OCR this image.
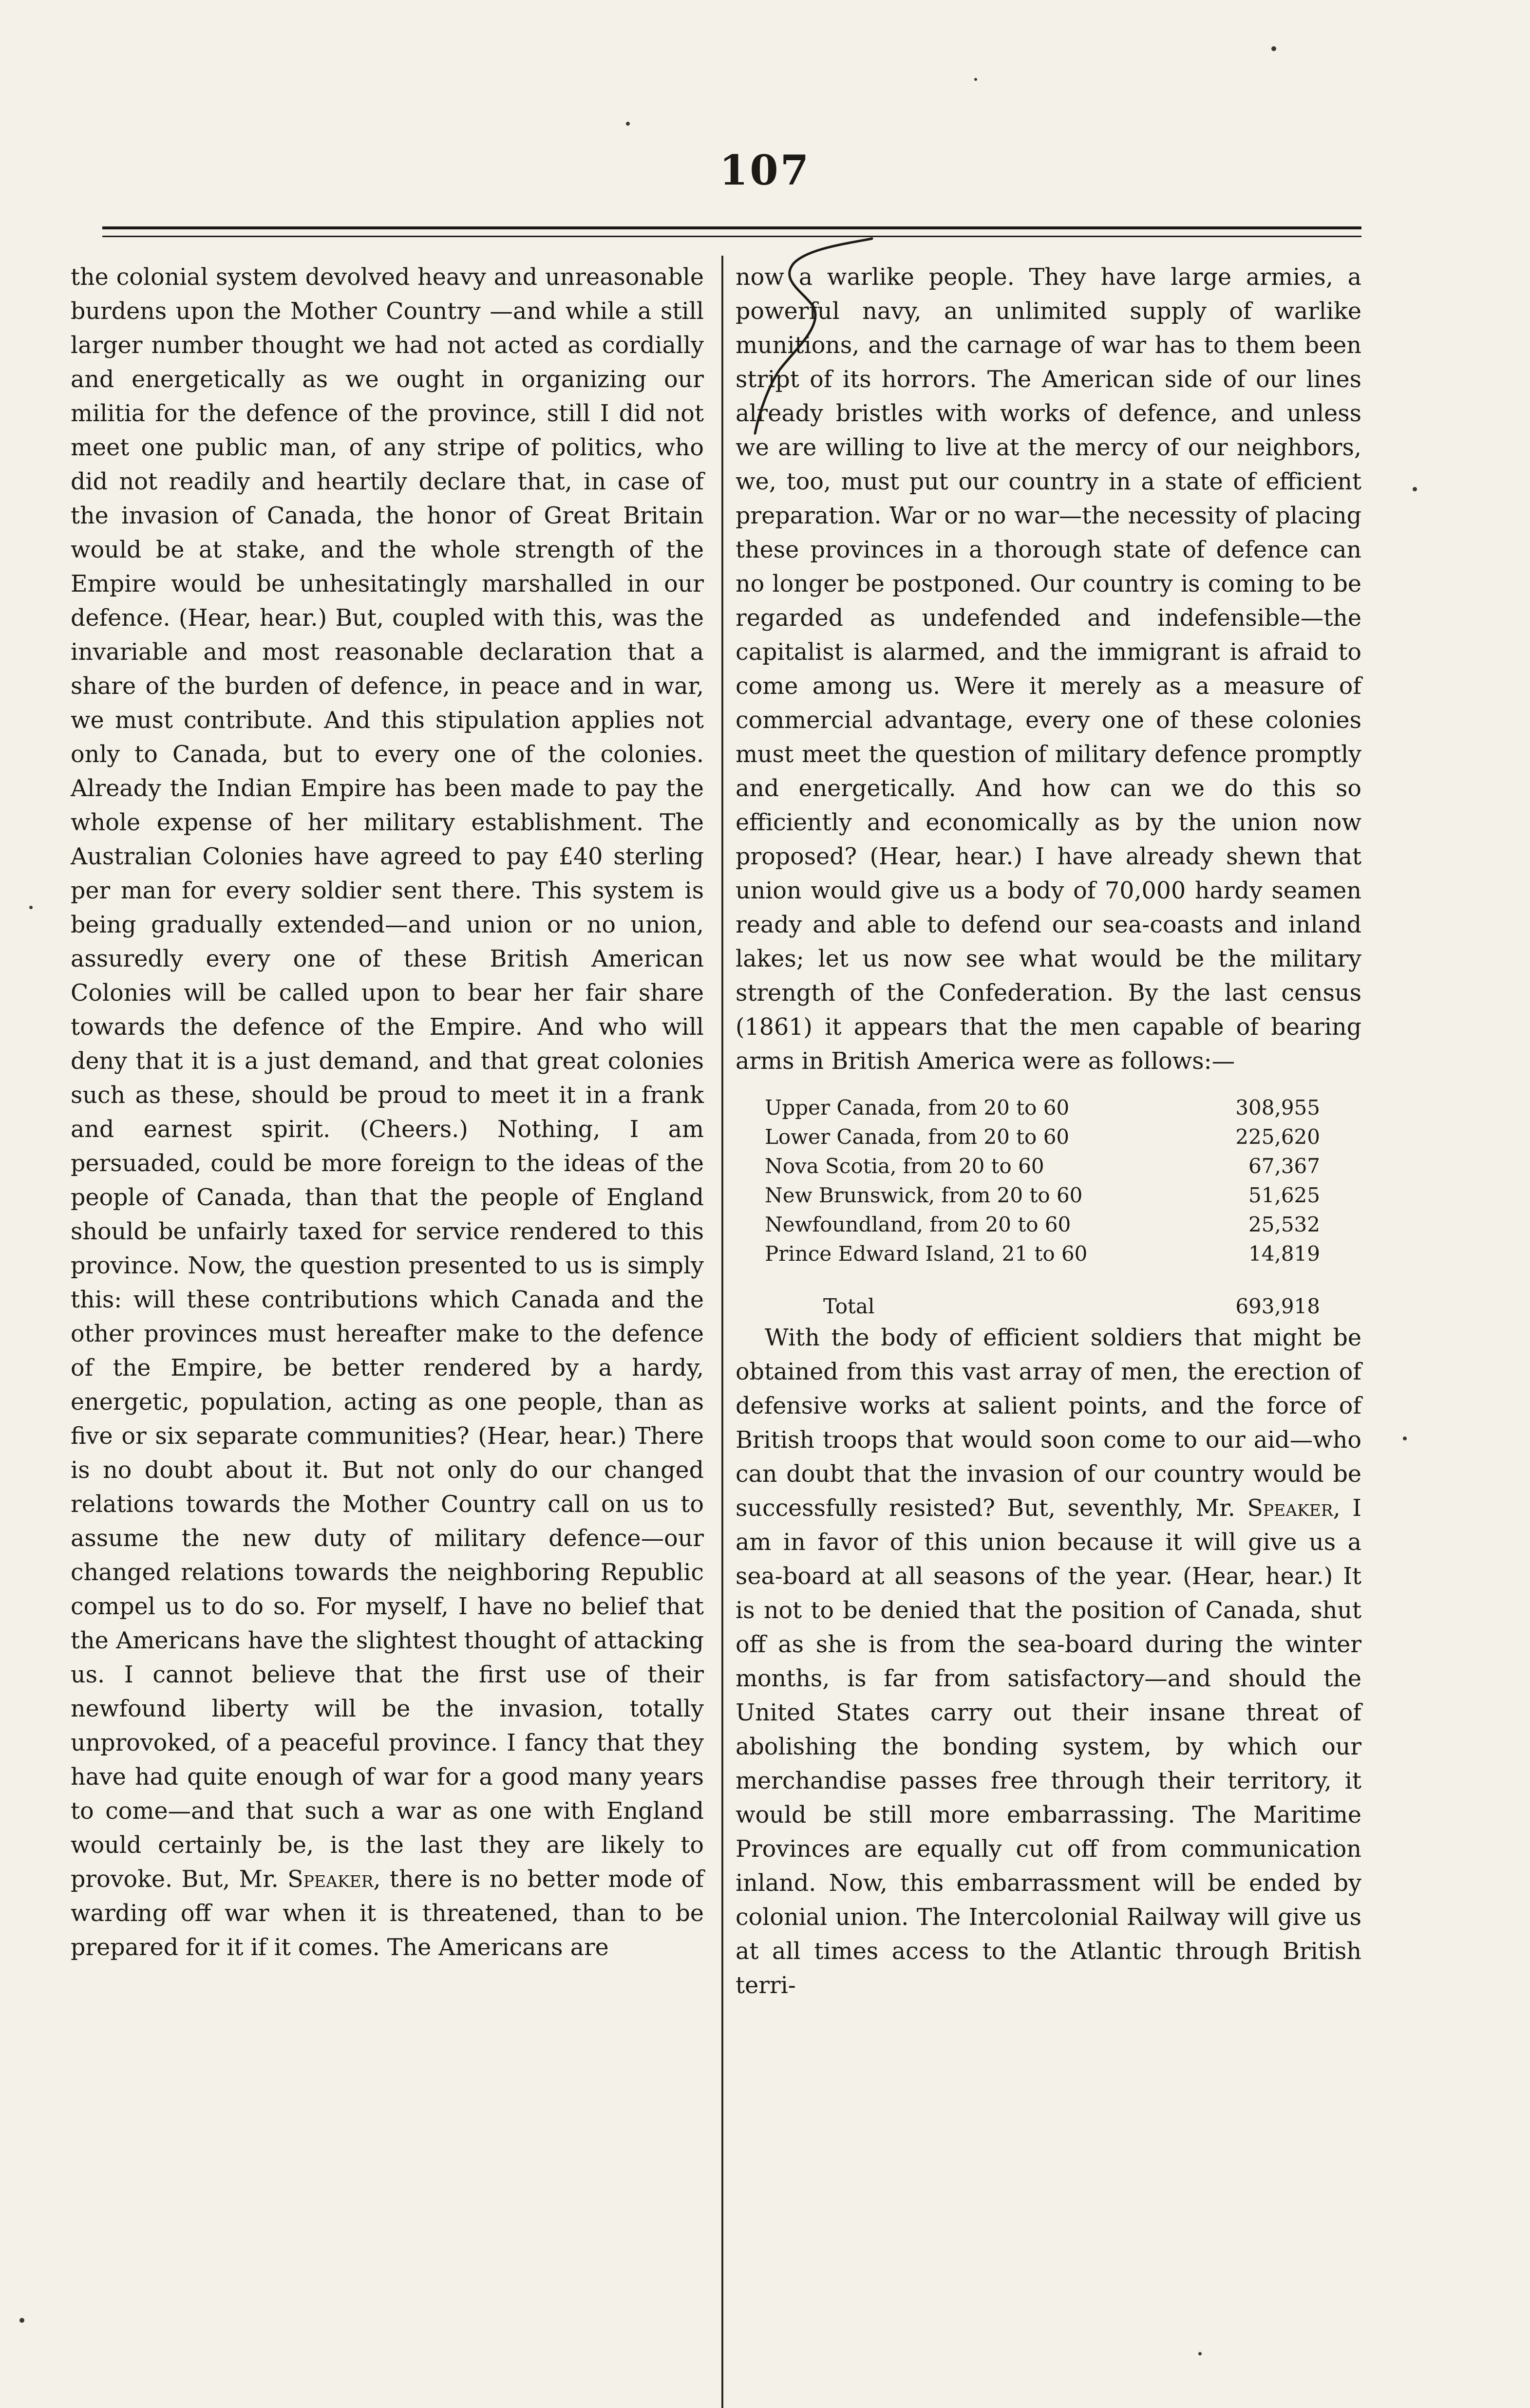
107

the colonial system devolved heavy and unreasonable burdens upon the Mother Country —and while a still larger number thought we had not acted as cordially and energetically as we ought in organizing our militia for the defence of the province, still I did not meet one public man, of any stripe of politics, who did not readily and heartily declare that, in case of the invasion of Canada, the honor of Great Britain would be at stake, and the whole strength of the Empire would be unhesitatingly marshalled in our defence. (Hear, hear.) But, coupled with this, was the invariable and most reasonable declaration that a share of the burden of defence, in peace and in war, we must contribute. And this stipulation applies not only to Canada, but to every one of the colonies. Already the Indian Empire has been made to pay the whole expense of her military establishment. The Australian Colonies have agreed to pay £40 sterling per man for every soldier sent there. This system is being gradually extended—and union or no union, assuredly every one of these British American Colonies will be called upon to bear her fair share towards the defence of the Empire. And who will deny that it is a just demand, and that great colonies such as these, should be proud to meet it in a frank and earnest spirit. (Cheers.) Nothing, I am persuaded, could be more foreign to the ideas of the people of Canada, than that the people of England should be unfairly taxed for service rendered to this province. Now, the question presented to us is simply this: will these contributions which Canada and the other provinces must hereafter make to the defence of the Empire, be better rendered by a hardy, energetic, population, acting as one people, than as five or six separate communities? (Hear, hear.) There is no doubt about it. But not only do our changed relations towards the Mother Country call on us to assume the new duty of military defence—our changed relations towards the neighboring Republic compel us to do so. For myself, I have no belief that the Americans have the slightest thought of attacking us. I cannot believe that the first use of their newfound liberty will be the invasion, totally unprovoked, of a peaceful province. I fancy that they have had quite enough of war for a good many years to come—and that such a war as one with England would certainly be, is the last they are likely to provoke. But, Mr. Speaker, there is no better mode of warding off war when it is threatened, than to be prepared for it if it comes. The Americans are

now a warlike people. They have large armies, a powerful navy, an unlimited supply of warlike munitions, and the carnage of war has to them been stript of its horrors. The American side of our lines already bristles with works of defence, and unless we are willing to live at the mercy of our neighbors, we, too, must put our country in a state of efficient preparation. War or no war—the necessity of placing these provinces in a thorough state of defence can no longer be postponed. Our country is coming to be regarded as undefended and indefensible—the capitalist is alarmed, and the immigrant is afraid to come among us. Were it merely as a measure of commercial advantage, every one of these colonies must meet the question of military defence promptly and energetically. And how can we do this so efficiently and economically as by the union now proposed? (Hear, hear.) I have already shewn that union would give us a body of 70,000 hardy seamen ready and able to defend our sea-coasts and inland lakes; let us now see what would be the military strength of the Confederation. By the last census (1861) it appears that the men capable of bearing arms in British America were as follows:—

Upper Canada, from 20 to 60	308,955
Lower Canada, from 20 to 60	225,620
Nova Scotia, from 20 to 60	67,367
New Brunswick, from 20 to 60	51,625
Newfoundland, from 20 to 60	25,532
Prince Edward Island, 21 to 60	14,819
Total	693,918

With the body of efficient soldiers that might be obtained from this vast array of men, the erection of defensive works at salient points, and the force of British troops that would soon come to our aid—who can doubt that the invasion of our country would be successfully resisted? But, seventhly, Mr. Speaker, I am in favor of this union because it will give us a sea-board at all seasons of the year. (Hear, hear.) It is not to be denied that the position of Canada, shut off as she is from the sea-board during the winter months, is far from satisfactory—and should the United States carry out their insane threat of abolishing the bonding system, by which our merchandise passes free through their territory, it would be still more embarrassing. The Maritime Provinces are equally cut off from communication inland. Now, this embarrassment will be ended by colonial union. The Intercolonial Railway will give us at all times access to the Atlantic through British terri-
